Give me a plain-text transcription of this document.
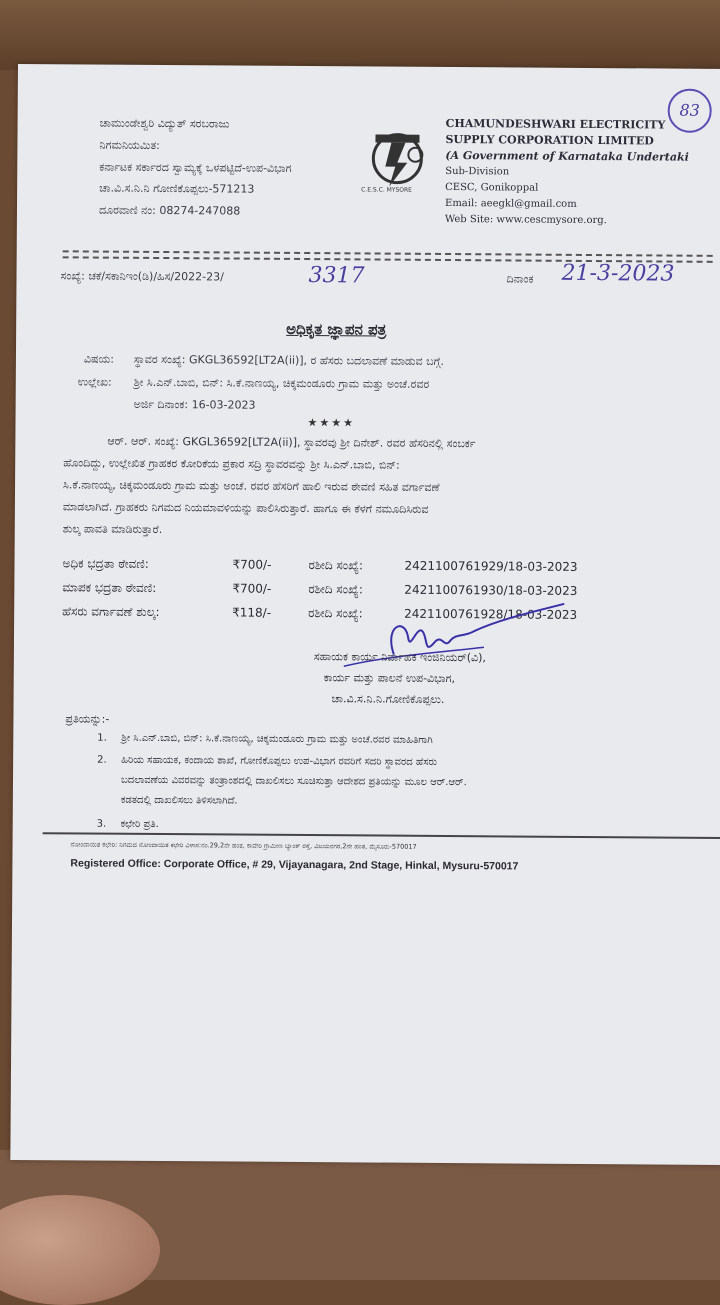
ಚಾಮುಂಡೇಶ್ವರಿ ವಿದ್ಯುತ್ ಸರಬರಾಜು
ನಿಗಮನಿಯಮಿತ:
ಕರ್ನಾಟಕ ಸರ್ಕಾರದ ಸ್ವಾಮ್ಯಕ್ಕೆ ಒಳಪಟ್ಟಿದೆ-ಉಪ-ವಿಭಾಗ
ಚಾ.ವಿ.ಸ.ನಿ.ನಿ ಗೋಣಿಕೊಪ್ಪಲು-571213
ದೂರವಾಣಿ ನಂ: 08274-247088
C.E.S.C. MYSORE
CHAMUNDESHWARI ELECTRICITY
SUPPLY CORPORATION LIMITED
(A Government of Karnataka Undertaki
Sub-Division
CESC, Gonikoppal
Email: aeegkl@gmail.com
Web Site: www.cescmysore.org.
83
ಸಂಖ್ಯೆ: ಚಕೆ/ಸಕಾನಿಇಂ(ಡಿ)/ಹಿಸ/2022-23/	3317	ದಿನಾಂಕ 21-3-2023
ಅಧಿಕೃತ ಜ್ಞಾಪನ ಪತ್ರ
ವಿಷಯ: ಸ್ಥಾವರ ಸಂಖ್ಯೆ: GKGL36592[LT2A(ii)], ರ ಹೆಸರು ಬದಲಾವಣೆ ಮಾಡುವ ಬಗ್ಗೆ.
ಉಲ್ಲೇಖ: ಶ್ರೀ ಸಿ.ಎನ್.ಬಾಬಿ, ಬಿನ್: ಸಿ.ಕೆ.ನಾಣಯ್ಯ, ಚಿಕ್ಕಮಂಡೂರು ಗ್ರಾಮ ಮತ್ತು ಅಂಚೆ.ರವರ
ಅರ್ಜಿ ದಿನಾಂಕ: 16-03-2023
★★★★
ಆರ್. ಆರ್. ಸಂಖ್ಯೆ: GKGL36592[LT2A(ii)], ಸ್ಥಾವರವು ಶ್ರೀ ದಿನೇಶ್. ರವರ ಹೆಸರಿನಲ್ಲಿ ಸಂಬರ್ಕ
ಹೊಂದಿದ್ದು, ಉಲ್ಲೇಖಿತ ಗ್ರಾಹಕರ ಕೋರಿಕೆಯ ಪ್ರಕಾರ ಸದ್ರಿ ಸ್ಥಾವರವನ್ನು ಶ್ರೀ ಸಿ.ಎನ್.ಬಾಬಿ, ಬಿನ್:
ಸಿ.ಕೆ.ನಾಣಯ್ಯ, ಚಿಕ್ಕಮಂಡೂರು ಗ್ರಾಮ ಮತ್ತು ಅಂಚೆ. ರವರ ಹೆಸರಿಗೆ ಹಾಲಿ ಇರುವ ಠೇವಣಿ ಸಹಿತ ವರ್ಗಾವಣೆ
ಮಾಡಲಾಗಿದೆ. ಗ್ರಾಹಕರು ನಿಗಮದ ನಿಯಮಾವಳಿಯನ್ನು ಪಾಲಿಸಿರುತ್ತಾರೆ. ಹಾಗೂ ಈ ಕೆಳಗೆ ನಮೂದಿಸಿರುವ
ಶುಲ್ಕ ಪಾವತಿ ಮಾಡಿರುತ್ತಾರೆ.
ಅಧಿಕ ಭದ್ರತಾ ಠೇವಣಿ:	₹700/-	ರಶೀದಿ ಸಂಖ್ಯೆ:	2421100761929/18-03-2023
ಮಾಪಕ ಭದ್ರತಾ ಠೇವಣಿ:	₹700/-	ರಶೀದಿ ಸಂಖ್ಯೆ:	2421100761930/18-03-2023
ಹೆಸರು ವರ್ಗಾವಣೆ ಶುಲ್ಕ:	₹118/-	ರಶೀದಿ ಸಂಖ್ಯೆ:	2421100761928/18-03-2023
ಸಹಾಯಕ ಕಾರ್ಯ ನಿರ್ವಾಹಕ ಇಂಜಿನಿಯರ್(ವಿ),
ಕಾರ್ಯ ಮತ್ತು ಪಾಲನೆ ಉಪ-ವಿಭಾಗ,
ಚಾ.ವಿ.ಸ.ನಿ.ನಿ.ಗೋಣಿಕೊಪ್ಪಲು.
ಪ್ರತಿಯನ್ನು:-
1. ಶ್ರೀ ಸಿ.ಎನ್.ಬಾಬಿ, ಬಿನ್: ಸಿ.ಕೆ.ನಾಣಯ್ಯ, ಚಿಕ್ಕಮಂಡೂರು ಗ್ರಾಮ ಮತ್ತು ಅಂಚೆ.ರವರ ಮಾಹಿತಿಗಾಗಿ
2. ಹಿರಿಯ ಸಹಾಯಕ, ಕಂದಾಯ ಶಾಖೆ, ಗೋಣಿಕೊಪ್ಪಲು ಉಪ-ವಿಭಾಗ ರವರಿಗೆ ಸದರಿ ಸ್ಥಾವರದ ಹೆಸರು
ಬದಲಾವಣೆಯ ವಿವರವನ್ನು ತಂತ್ರಾಂಶದಲ್ಲಿ ದಾಖಲಿಸಲು ಸೂಚಿಸುತ್ತಾ ಆದೇಶದ ಪ್ರತಿಯನ್ನು ಮೂಲ ಆರ್.ಆರ್.
ಕಡತದಲ್ಲಿ ದಾಖಲಿಸಲು ತಿಳಿಸಲಾಗಿದೆ.
3. ಕಛೇರಿ ಪ್ರತಿ.
ನೋಂದಾಯಿತ ಕಛೇರಿ: ನಿಗಮದ ನೋಂದಾಯಿತ ಕಛೇರಿ ವಿಳಾಸ:ನಂ.29,2ನೇ ಹಂತ, ಕಾವೇರಿ ಗ್ರಾಮೀಣ ಬ್ಯಾಂಕ್ ರಸ್ತೆ, ವಿಜಯನಗರ,2ನೇ ಹಂತ, ಮೈಸೂರು-570017
Registered Office: Corporate Office, # 29, Vijayanagara, 2nd Stage, Hinkal, Mysuru-570017
